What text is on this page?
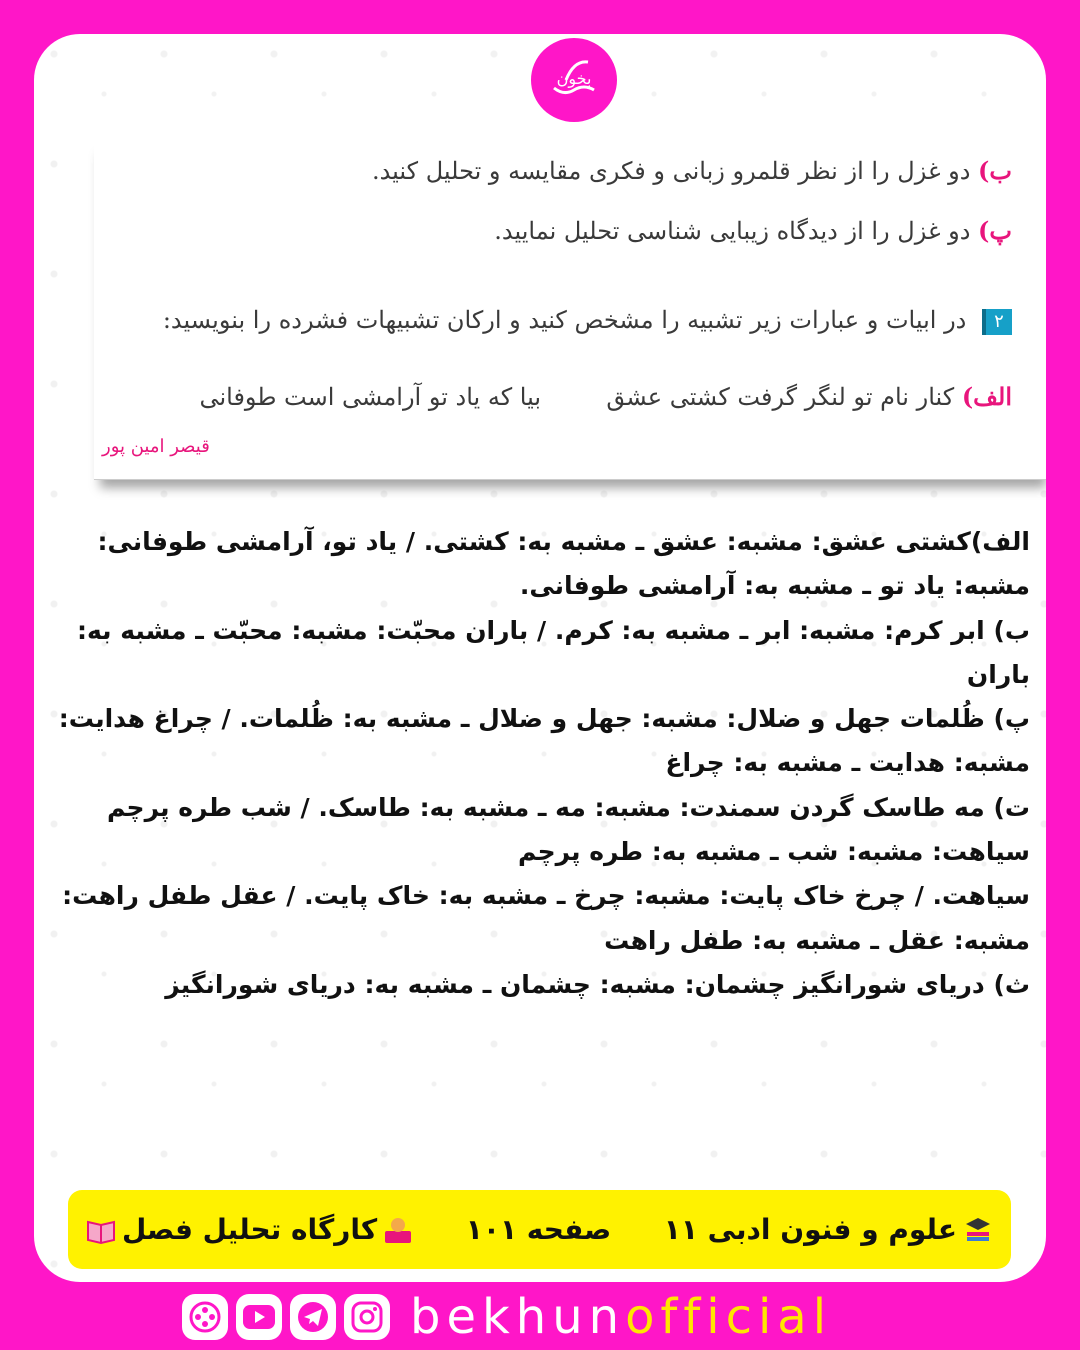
بخون
ب) دو غزل را از نظر قلمرو زبانی و فکری مقایسه و تحلیل کنید.
پ) دو غزل را از دیدگاه زیبایی شناسی تحلیل نمایید.
۲ در ابیات و عبارات زیر تشبیه را مشخص کنید و ارکان تشبیهات فشرده را بنویسید:
الف) کنار نام تو لنگر گرفت کشتی عشق  بیا که یاد تو آرامشی است طوفانی
قیصر امین پور

الف)کشتی عشق: مشبه: عشق ـ مشبه به: کشتی. / یاد تو، آرامشی طوفانی: مشبه: یاد تو ـ مشبه به: آرامشی طوفانی.

ب) ابر کرم: مشبه: ابر ـ مشبه به: کرم. / باران محبّت: مشبه: محبّت ـ مشبه به: باران

پ) ظُلمات جهل و ضلال: مشبه: جهل و ضلال ـ مشبه به: ظُلمات. / چراغ هدایت: مشبه: هدایت ـ مشبه به: چراغ

ت) مه طاسک گردن سمندت: مشبه: مه ـ مشبه به: طاسک. / شب طره پرچم سیاهت: مشبه: شب ـ مشبه به: طره پرچم

سیاهت. / چرخ خاک پایت: مشبه: چرخ ـ مشبه به: خاک پایت. / عقل طفل راهت: مشبه: عقل ـ مشبه به: طفل راهت

ث) دریای شورانگیز چشمان: مشبه: چشمان ـ مشبه به: دریای شورانگیز

کارگاه تحلیل فصل	صفحه ۱۰۱ علوم و فنون ادبی ۱۱
bekhunofficial
